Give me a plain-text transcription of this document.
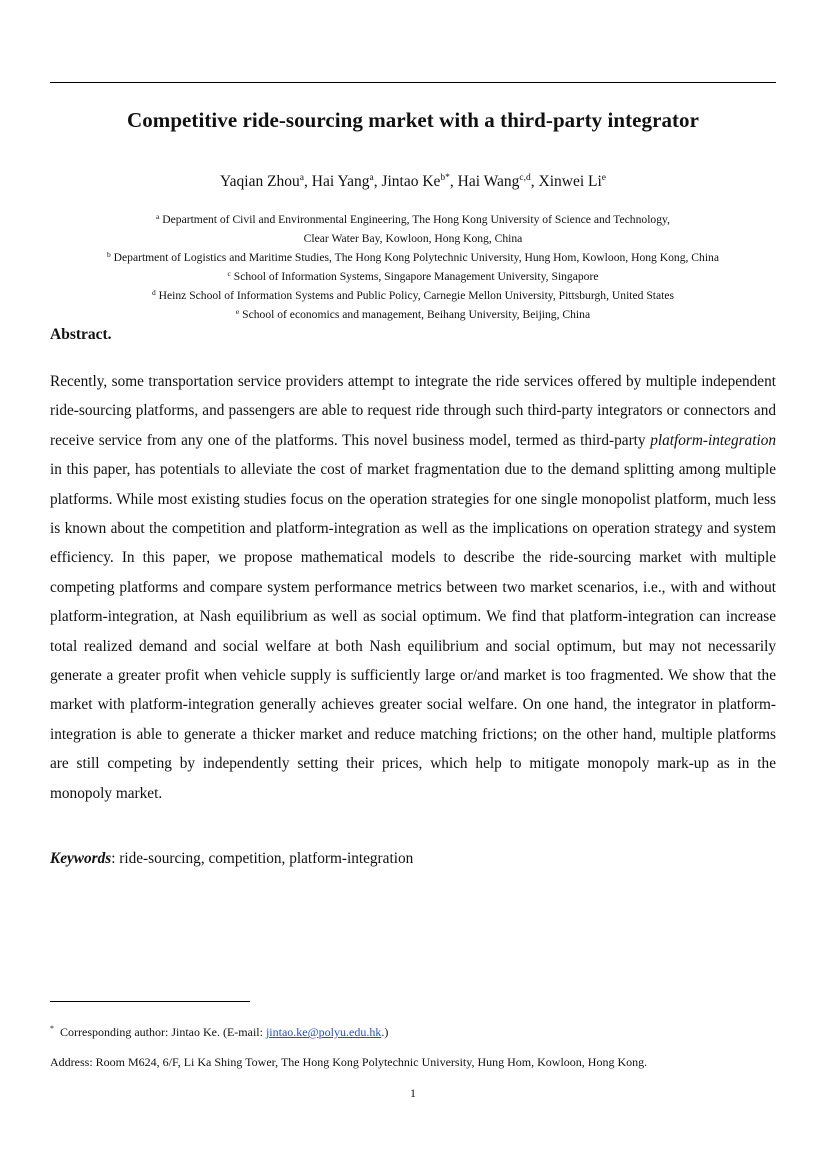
Competitive ride-sourcing market with a third-party integrator
Yaqian Zhou$^a$, Hai Yang$^a$, Jintao $Ke^{b*}$, Hai Wang$^{c,d}$, Xinwei Li$^e$
$^a$ Department of Civil and Environmental Engineering, The Hong Kong University of Science and Technology,
Clear Water Bay, Kowloon, Hong Kong, China
$^b$ Department of Logistics and Maritime Studies, The Hong Kong Polytechnic University, Hung Hom, Kowloon, Hong Kong, China
$^c$ School of Information Systems, Singapore Management University, Singapore
$^d$ Heinz School of Information Systems and Public Policy, Carnegie Mellon University, Pittsburgh, United States
$^e$ School of economics and management, Beihang University, Beijing, China
Abstract.

Recently, some transportation service providers attempt to integrate the ride services offered by multiple independent ride-sourcing platforms, and passengers are able to request ride through such third-party integrators or connectors and receive service from any one of the platforms. This novel business model, termed as third-party platform-integration in this paper, has potentials to alleviate the cost of market fragmentation due to the demand splitting among multiple platforms. While most existing studies focus on the operation strategies for one single monopolist platform, much less is known about the competition and platform-integration as well as the implications on operation strategy and system efficiency. In this paper, we propose mathematical models to describe the ride-sourcing market with multiple competing platforms and compare system performance metrics between two market scenarios, i.e., with and without platform-integration, at Nash equilibrium as well as social optimum. We find that platform-integration can increase total realized demand and social welfare at both Nash equilibrium and social optimum, but may not necessarily generate a greater profit when vehicle supply is sufficiently large or/and market is too fragmented. We show that the market with platform-integration generally achieves greater social welfare. On one hand, the integrator in platform-integration is able to generate a thicker market and reduce matching frictions; on the other hand, multiple platforms are still competing by independently setting their prices, which help to mitigate monopoly mark-up as in the monopoly market.

Keywords: ride-sourcing, competition, platform-integration
* Corresponding author: Jintao Ke. (E-mail: jintao.ke@polyu.edu.hk.)
Address: Room M624, 6/F, Li Ka Shing Tower, The Hong Kong Polytechnic University, Hung Hom, Kowloon, Hong Kong.
1
